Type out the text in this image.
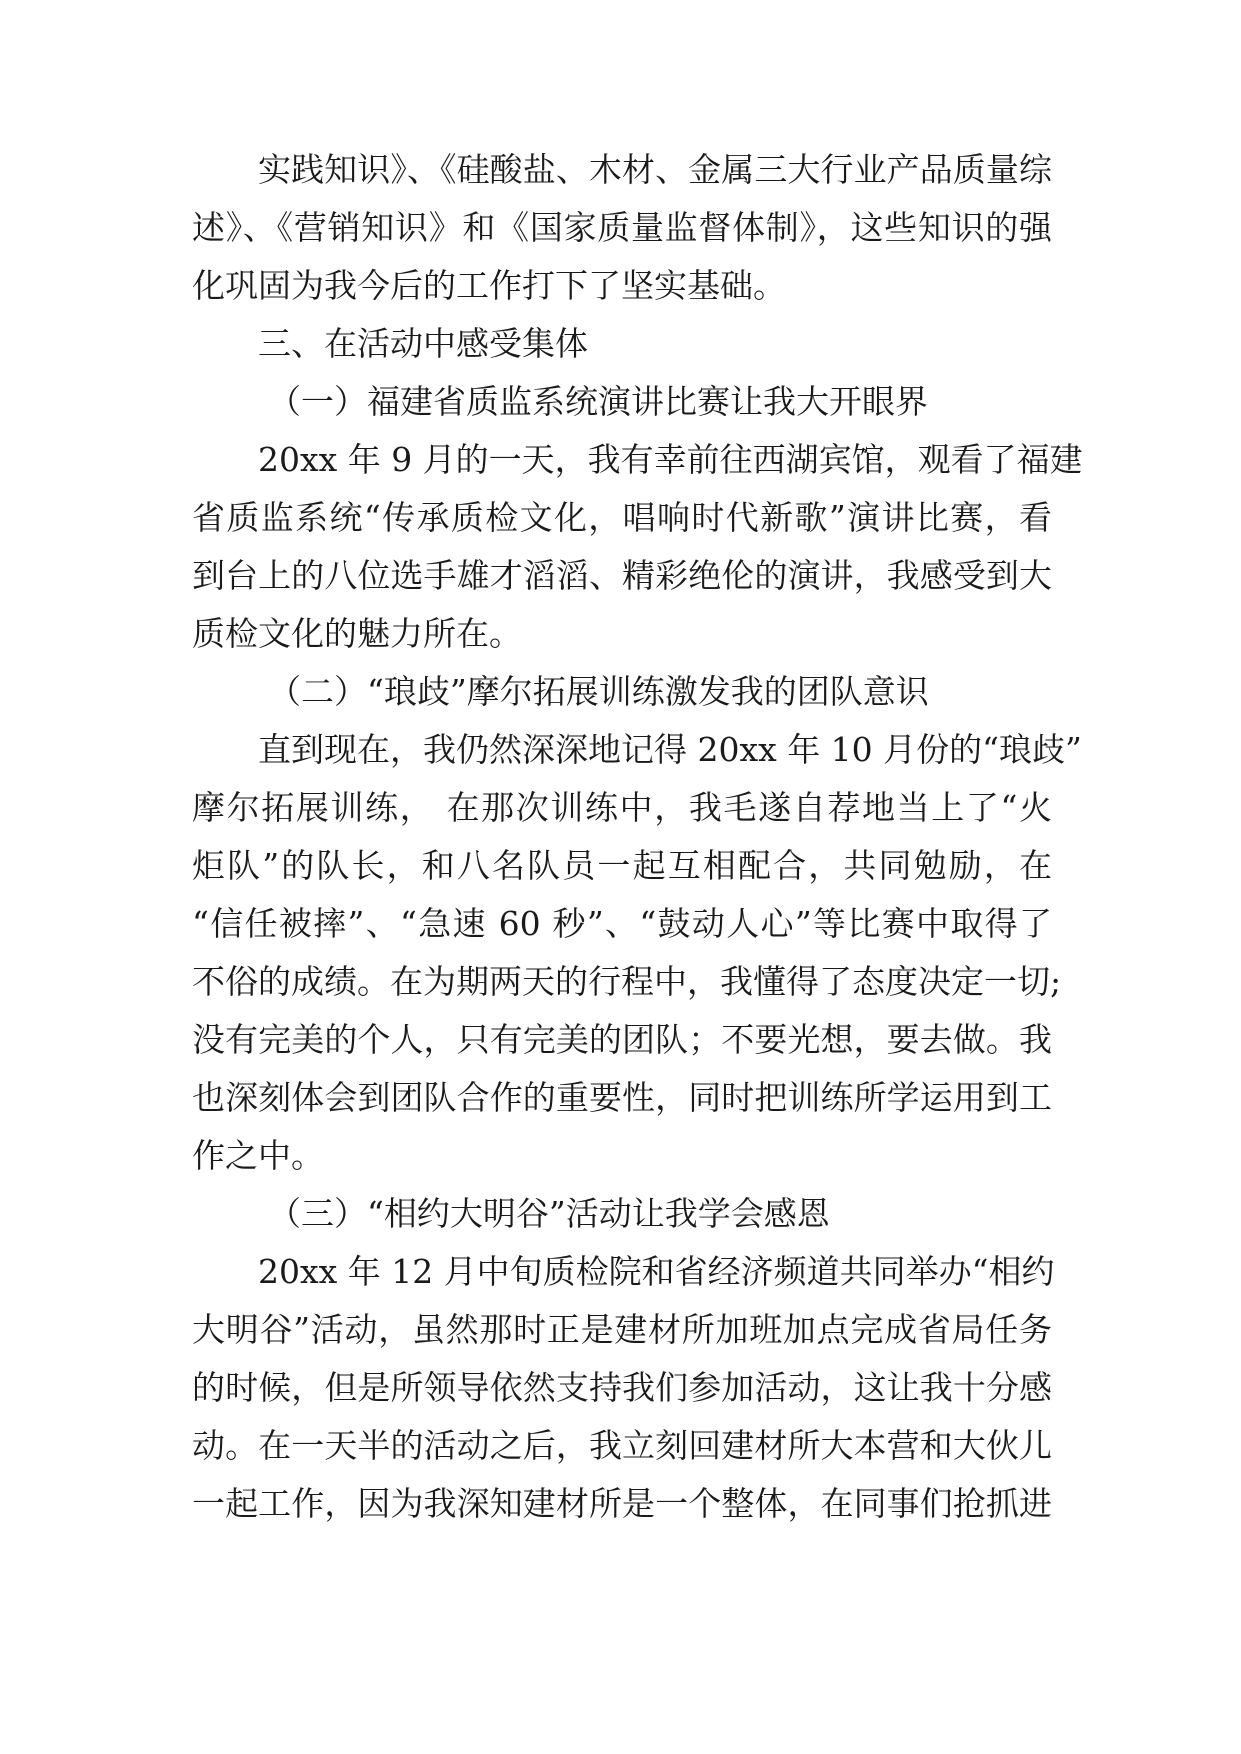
实践知识》、《硅酸盐、木材、金属三大行业产品质量综
述》、《营销知识》和《国家质量监督体制》，这些知识的强
化巩固为我今后的工作打下了坚实基础。
三、在活动中感受集体
（一）福建省质监系统演讲比赛让我大开眼界
20xx 年 9 月的一天，我有幸前往西湖宾馆，观看了福建
省质监系统“传承质检文化，唱响时代新歌”演讲比赛，看
到台上的八位选手雄才滔滔、精彩绝伦的演讲，我感受到大
质检文化的魅力所在。
（二）“琅歧”摩尔拓展训练激发我的团队意识
直到现在，我仍然深深地记得 20xx 年 10 月份的“琅歧”
摩尔拓展训练， 在那次训练中，我毛遂自荐地当上了“火
炬队”的队长，和八名队员一起互相配合，共同勉励，在
“信任被摔”、“急速 60 秒”、“鼓动人心”等比赛中取得了
不俗的成绩。在为期两天的行程中，我懂得了态度决定一切;
没有完美的个人，只有完美的团队；不要光想，要去做。我
也深刻体会到团队合作的重要性，同时把训练所学运用到工
作之中。
（三）“相约大明谷”活动让我学会感恩
20xx 年 12 月中旬质检院和省经济频道共同举办“相约
大明谷”活动，虽然那时正是建材所加班加点完成省局任务
的时候，但是所领导依然支持我们参加活动，这让我十分感
动。在一天半的活动之后，我立刻回建材所大本营和大伙儿
一起工作，因为我深知建材所是一个整体，在同事们抢抓进
